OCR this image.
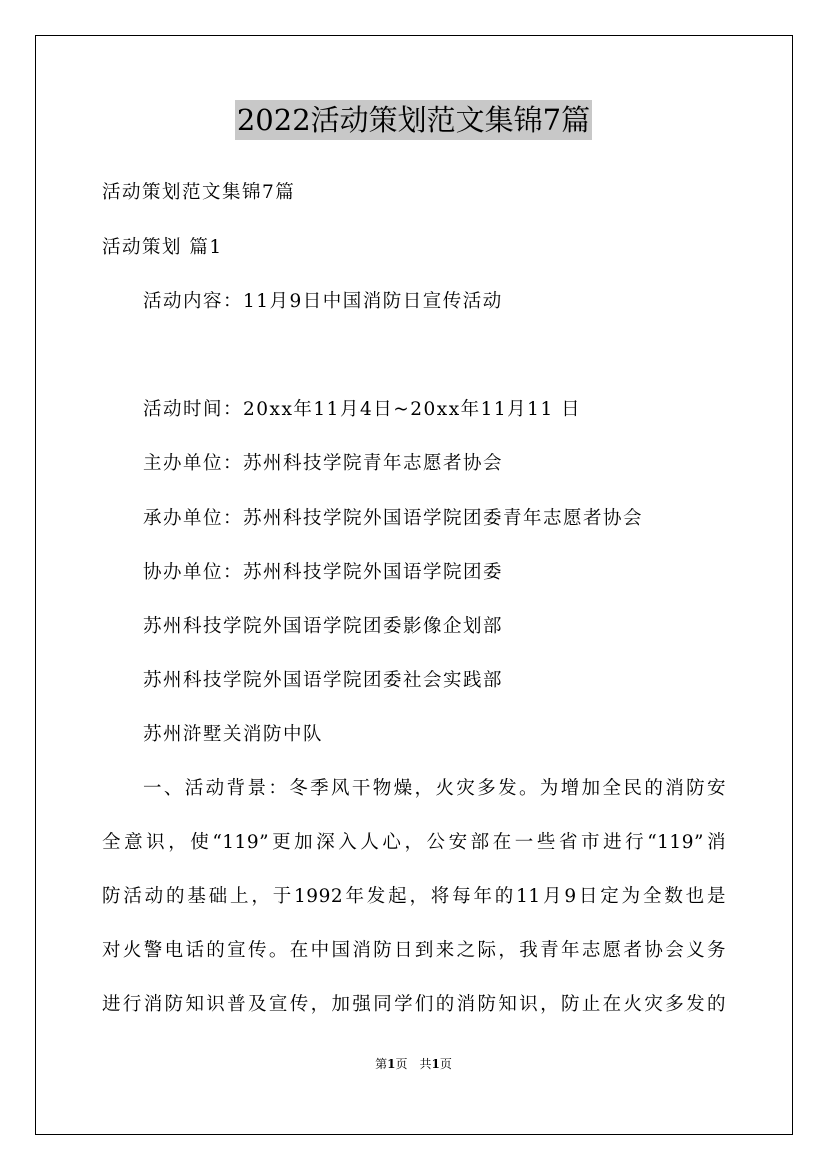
2022活动策划范文集锦7篇
活动策划范文集锦7篇
活动策划 篇1
活动内容：11月9日中国消防日宣传活动
活动时间：20xx年11月4日~20xx年11月11 日
主办单位：苏州科技学院青年志愿者协会
承办单位：苏州科技学院外国语学院团委青年志愿者协会
协办单位：苏州科技学院外国语学院团委
苏州科技学院外国语学院团委影像企划部
苏州科技学院外国语学院团委社会实践部
苏州浒墅关消防中队
一、活动背景：冬季风干物燥，火灾多发。为增加全民的消防安
全意识，使“119”更加深入人心，公安部在一些省市进行“119”消
防活动的基础上，于1992年发起，将每年的11月9日定为全数也是
对火警电话的宣传。在中国消防日到来之际，我青年志愿者协会义务
进行消防知识普及宣传，加强同学们的消防知识，防止在火灾多发的
第1页　共1页
